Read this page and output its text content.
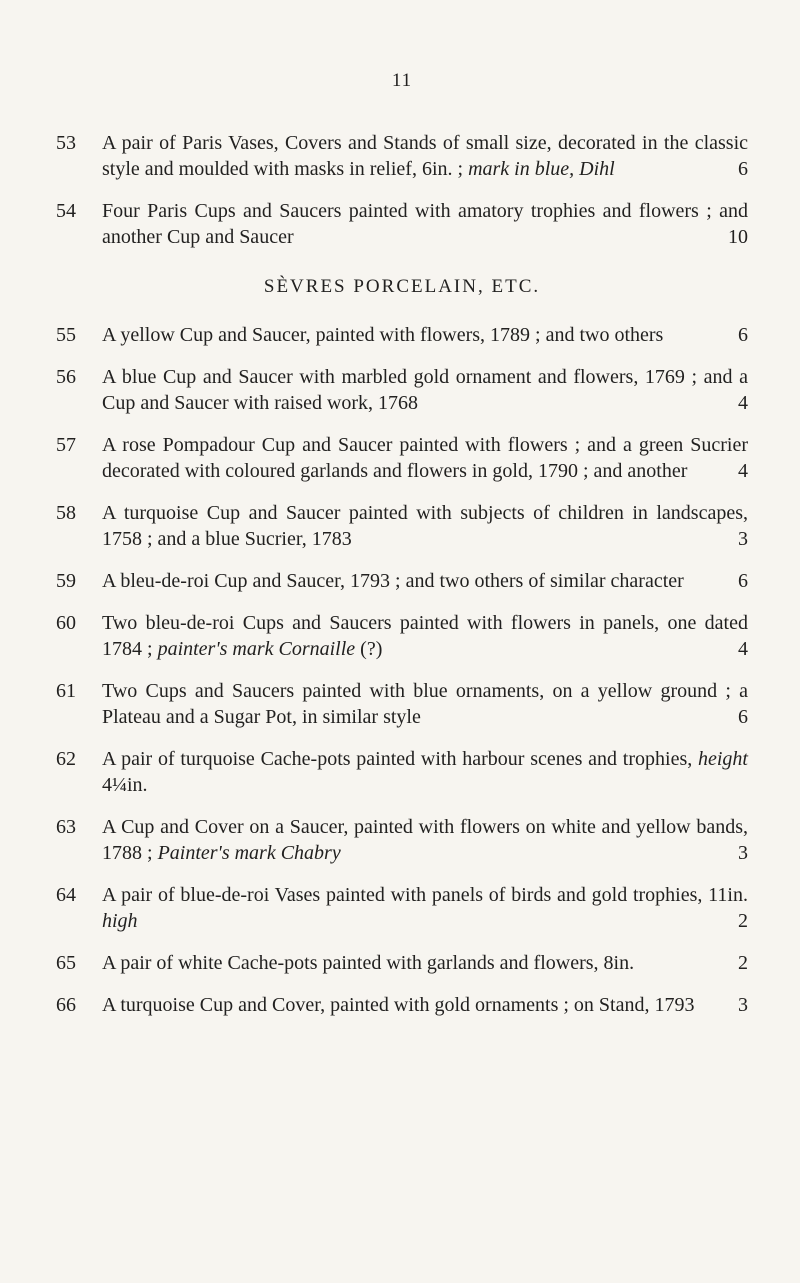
11
53	A pair of Paris Vases, Covers and Stands of small size, decorated in the classic style and moulded with masks in relief, 6in. ; mark in blue, Dihl	6
54	Four Paris Cups and Saucers painted with amatory trophies and flowers ; and another Cup and Saucer	10
SÈVRES PORCELAIN, ETC.
55	A yellow Cup and Saucer, painted with flowers, 1789 ; and two others	6
56	A blue Cup and Saucer with marbled gold ornament and flowers, 1769 ; and a Cup and Saucer with raised work, 1768	4
57	A rose Pompadour Cup and Saucer painted with flowers ; and a green Sucrier decorated with coloured garlands and flowers in gold, 1790 ; and another	4
58	A turquoise Cup and Saucer painted with subjects of children in landscapes, 1758 ; and a blue Sucrier, 1783	3
59	A bleu-de-roi Cup and Saucer, 1793 ; and two others of similar character	6
60	Two bleu-de-roi Cups and Saucers painted with flowers in panels, one dated 1784 ; painter's mark Cornaille (?)	4
61	Two Cups and Saucers painted with blue ornaments, on a yellow ground ; a Plateau and a Sugar Pot, in similar style	6
62	A pair of turquoise Cache-pots painted with harbour scenes and trophies, height 4¼in.
63	A Cup and Cover on a Saucer, painted with flowers on white and yellow bands, 1788 ; Painter's mark Chabry	3
64	A pair of blue-de-roi Vases painted with panels of birds and gold trophies, 11in. high	2
65	A pair of white Cache-pots painted with garlands and flowers, 8in.	2
66	A turquoise Cup and Cover, painted with gold ornaments ; on Stand, 1793	3
